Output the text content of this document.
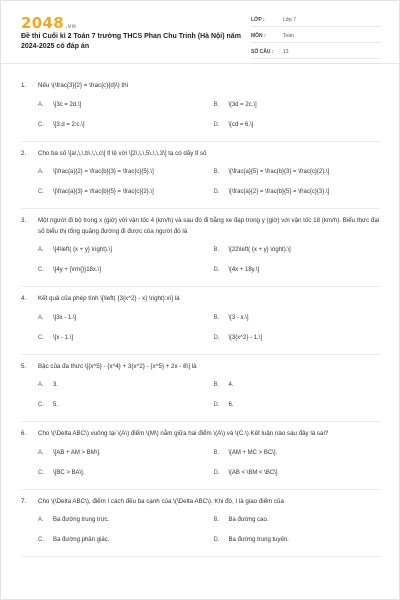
2048.vn
Đề thi Cuối kì 2 Toán 7 trường THCS Phan Chu Trinh (Hà Nội) năm 2024-2025 có đáp án
LỚP :	Lớp 7
MÔN :	Toán
SỐ CÂU :	13
1.	Nếu \(\frac{3}{2} = \frac{c}{d}\) thì
A.	\[3c = 2d.\]	B.	\[3d = 2c.\]
C.	\[3:d = 2:c.\]	D.	\[cd = 6.\]
2.	Cho ba số \[a\,\,\,b\,\,\,c\] tỉ lệ với \[2\,\,\,5\,\,\,3\] ta có dãy tỉ số
A.	\[\frac{a}{2} = \frac{b}{3} = \frac{c}{5}.\]	B.	\[\frac{a}{5} = \frac{b}{3} = \frac{c}{2}.\]
C.	\[\frac{a}{3} = \frac{b}{5} = \frac{c}{2}.\]	D.	\[\frac{a}{2} = \frac{b}{5} = \frac{c}{3}.\]
3.	Một người đi bộ trong x (giờ) với vận tốc 4 (km/h) và sau đó đi bằng xe đạp trong y (giờ) với vận tốc 18 (km/h). Biểu thức đại số biểu thị tổng quãng đường đi được của người đó là
A.	\[4\left( {x + y} \right).\]	B.	\[22\left( {x + y} \right).\]
C.	\[4y + {\rm{}}18x.\]	D.	\[4x + 18y.\]
4.	Kết quả của phép tính \[\left( {3{x^2} - x} \right):x\] là
A.	\[3x - 1.\]	B.	\[3 - x.\]
C.	\[x - 1.\]	D.	\[3{x^2} - 1.\]
5.	Bậc của đa thức \[{x^5} - {x^4} + 3{x^2} - {x^5} + 2x - 8\] là
A.	3.	B.	4.
C.	5.	D.	6.
6.	Cho \(\Delta ABC\) vuông tại \(A\) điểm \(M\) nằm giữa hai điểm \(A\) và \(C.\) Kết luận nào sau đây là sai?
A.	\[AB + AM > BM\].	B.	\[AM + MC > BC\].
C.	\[BC > BA\].	D.	\[AB < \BM < \BC\]
7.	Cho \(\Delta ABC\), điểm I cách đều ba cạnh của \(\Delta ABC\). Khi đó, I là giao điểm của
A.	Ba đường trung trực.	B.	Ba đường cao.
C.	Ba đường phân giác.	D.	Ba đường trung tuyến.
